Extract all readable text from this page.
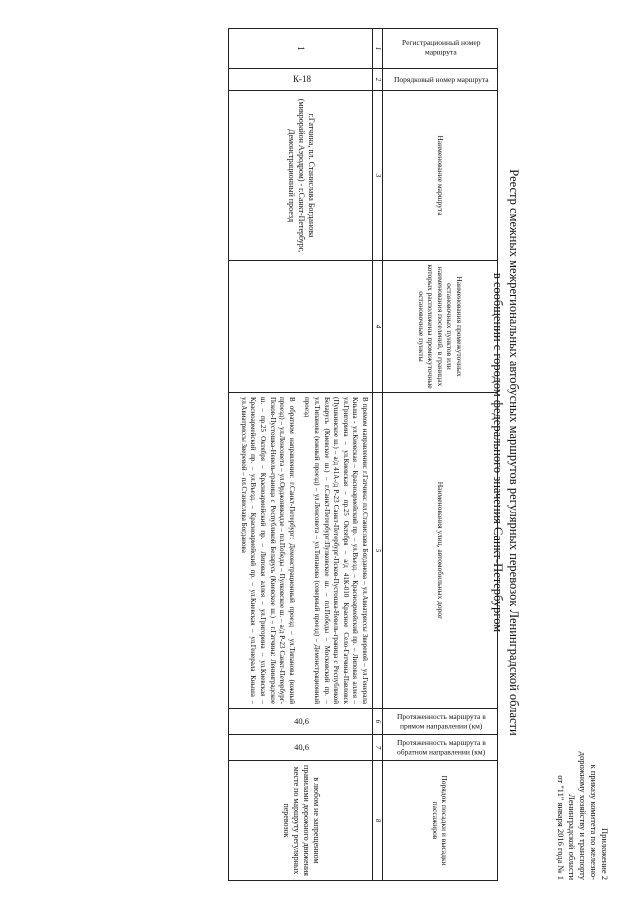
Приложение 2
к приказу комитета по железно-
дорожному хозяйству и транспорту
Ленинградской области
от "11" января 2016 года № 1
Реестр смежных межрегиональных автобусных маршрутов регулярных перевозок Ленинградской области
в сообщении с городом федерального значения Санкт-Петербургом
Регистрационный номер маршрута	Порядковый номер маршрута	Наименование маршрута	Наименования промежуточных остановочных пунктов или наименования поселений, в границах которых расположены промежуточные остановочные пункты	Наименования улиц, автомобильных дорог	Протяженность маршрута в прямом направлении (км)	Протяженность маршрута в обратном направлении (км)	Порядок посадки и высадки пассажиров
1	2	3	4	5	6	7	8
1	К-18	г.Гатчина, пл. Станислава Богданова (микрорайон Аэродром) - г.Санкт-Петербург, Демонстрационный проезд		В прямом направлении: г.Гатчина: пл.Станислава Богданова – ул.Авиатриссы Зверевой – ул.Генерала Кныша - ул.Киевская – Красноармейский пр. – ул.Въезд. – Красноармейский пр. – Липовая аллея – ул.Григорина – ул.Киевская – пр.25 Октября – а/д 41К-010 Красное Село-Гатчина-Павловск (Пушкинское ш.) – а/д 41А-/д Р-23 Санкт-Петербург-Псков-Пустошка-Невель-граница с Республикой Беларусь (Киевское ш.) – г.Санкт-Петербург:Пулковское ш. – пл.Победы – Московский пр. – ул.Типанова (южный проезд) – ул.Ленсовета – ул.Типанова (северный проезд) – Демонстрационный проезд

В обратном направлении: г.Санкт-Петербург: Демонстрационный проезд – ул.Типанова (южный проезд) – ул.Ленсовета – ул.Орджоникидзе – пл.Победы – Пулковское ш. – а/д Р-23 Санкт-Петербург-Псков-Пустошка-Невель-граница с Республикой Беларусь (Киевское ш.) – г.Гатчина: Ленинградское ш. – пр.25 Октября – Красноармейский пр. – Липовая аллея – ул.Григорина – ул.Киевская – Красноармейский пр. – ул.Въезд. – Красноармейский пр. – ул.Киевская – ул.Генерала Кныша – ул.Авиатриссы Зверевой – пл.Станислава Богданова	40,6	40,6	в любом не запрещенном правилами дорожного движения месте по маршруту регулярных перевозок
